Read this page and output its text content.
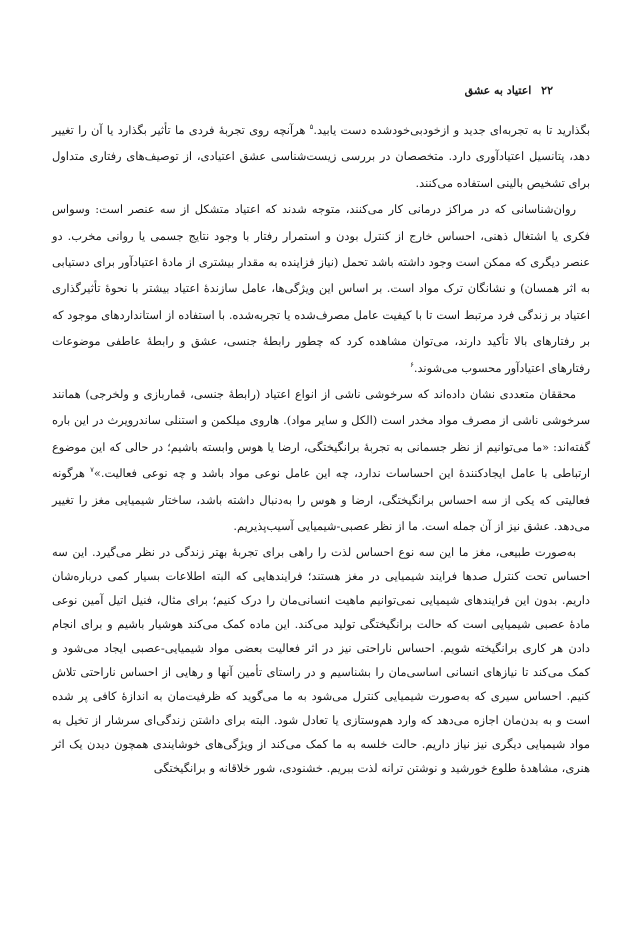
۲۲ اعتیاد به عشق

بگذارید تا به تجربه‌ای جدید و ازخودبی‌خودشده دست یابید.$^۵$ هرآنچه روی تجربهٔ فردی ما تأثیر بگذارد یا آن را تغییر دهد، پتانسیل اعتیادآوری دارد. متخصصان در بررسی زیست‌شناسی عشق اعتیادی، از توصیف‌های رفتاری متداول برای تشخیص بالینی استفاده می‌کنند.

روان‌شناسانی که در مراکز درمانی کار می‌کنند، متوجه شدند که اعتیاد متشکل از سه عنصر است: وسواس فکری یا اشتغال ذهنی، احساس خارج از کنترل بودن و استمرار رفتار با وجود نتایج جسمی یا روانی مخرب. دو عنصر دیگری که ممکن است وجود داشته باشد تحمل (نیاز فزاینده به مقدار بیشتری از مادهٔ اعتیادآور برای دستیابی به اثر همسان) و نشانگان ترک مواد است. بر اساس این ویژگی‌ها، عامل سازندهٔ اعتیاد بیشتر با نحوهٔ تأثیرگذاری اعتیاد بر زندگی فرد مرتبط است تا با کیفیت عامل مصرف‌شده یا تجربه‌شده. با استفاده از استانداردهای موجود که بر رفتارهای بالا تأکید دارند، می‌توان مشاهده کرد که چطور رابطهٔ جنسی، عشق و رابطهٔ عاطفی موضوعات رفتارهای اعتیادآور محسوب می‌شوند.$^۶$

محققان متعددی نشان داده‌اند که سرخوشی ناشی از انواع اعتیاد (رابطهٔ جنسی، قماربازی و ولخرجی) همانند سرخوشی ناشی از مصرف مواد مخدر است (الکل و سایر مواد). هاروی میلکمن و استنلی ساندرویرث در این باره گفته‌اند: «ما می‌توانیم از نظر جسمانی به تجربهٔ برانگیختگی، ارضا یا هوس وابسته باشیم؛ در حالی که این موضوع ارتباطی با عامل ایجادکنندهٔ این احساسات ندارد، چه این عامل نوعی مواد باشد و چه نوعی فعالیت.»$^۷$ هرگونه فعالیتی که یکی از سه احساس برانگیختگی، ارضا و هوس را به‌دنبال داشته باشد، ساختار شیمیایی مغز را تغییر می‌دهد. عشق نیز از آن جمله است. ما از نظر عصبی-شیمیایی آسیب‌پذیریم.

به‌صورت طبیعی، مغز ما این سه نوع احساس لذت را راهی برای تجربهٔ بهتر زندگی در نظر می‌گیرد. این سه احساس تحت کنترل صدها فرایند شیمیایی در مغز هستند؛ فرایندهایی که البته اطلاعات بسیار کمی درباره‌شان داریم. بدون این فرایندهای شیمیایی نمی‌توانیم ماهیت انسانی‌مان را درک کنیم؛ برای مثال، فنیل اتیل آمین نوعی مادهٔ عصبی شیمیایی است که حالت برانگیختگی تولید می‌کند. این ماده کمک می‌کند هوشیار باشیم و برای انجام دادن هر کاری برانگیخته شویم. احساس ناراحتی نیز در اثر فعالیت بعضی مواد شیمیایی-عصبی ایجاد می‌شود و کمک می‌کند تا نیازهای انسانی اساسی‌مان را بشناسیم و در راستای تأمین آنها و رهایی از احساس ناراحتی تلاش کنیم. احساس سیری که به‌صورت شیمیایی کنترل می‌شود به ما می‌گوید که ظرفیت‌مان به اندازهٔ کافی پر شده است و به بدن‌مان اجازه می‌دهد که وارد هم‌وستازی یا تعادل شود. البته برای داشتن زندگی‌ای سرشار از تخیل به مواد شیمیایی دیگری نیز نیاز داریم. حالت خلسه به ما کمک می‌کند از ویژگی‌های خوشایندی همچون دیدن یک اثر هنری، مشاهدهٔ طلوع خورشید و نوشتن ترانه لذت ببریم. خشنودی، شور خلاقانه و برانگیختگی
